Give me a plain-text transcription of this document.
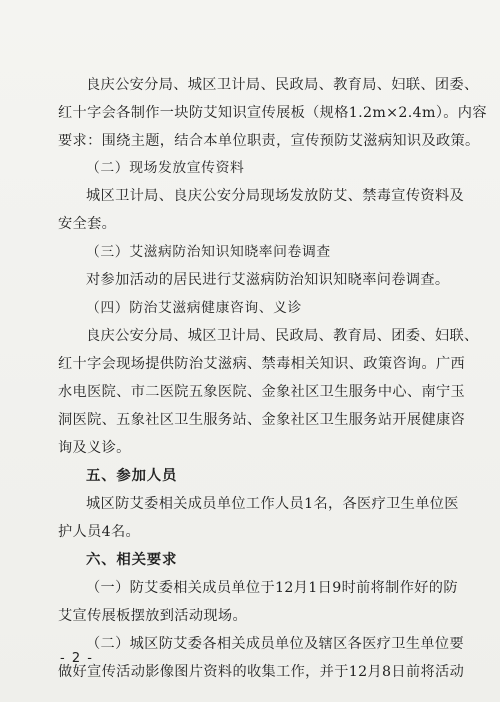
良庆公安分局、城区卫计局、民政局、教育局、妇联、团委、
红十字会各制作一块防艾知识宣传展板（规格1.2m×2.4m）。内容
要求：围绕主题，结合本单位职责，宣传预防艾滋病知识及政策。
（二）现场发放宣传资料
城区卫计局、良庆公安分局现场发放防艾、禁毒宣传资料及
安全套。
（三）艾滋病防治知识知晓率问卷调查
对参加活动的居民进行艾滋病防治知识知晓率问卷调查。
（四）防治艾滋病健康咨询、义诊
良庆公安分局、城区卫计局、民政局、教育局、团委、妇联、
红十字会现场提供防治艾滋病、禁毒相关知识、政策咨询。广西
水电医院、市二医院五象医院、金象社区卫生服务中心、南宁玉
洞医院、五象社区卫生服务站、金象社区卫生服务站开展健康咨
询及义诊。
五、参加人员
城区防艾委相关成员单位工作人员1名，各医疗卫生单位医
护人员4名。
六、相关要求
（一）防艾委相关成员单位于12月1日9时前将制作好的防
艾宣传展板摆放到活动现场。
（二）城区防艾委各相关成员单位及辖区各医疗卫生单位要
做好宣传活动影像图片资料的收集工作，并于12月8日前将活动
- 2 -
